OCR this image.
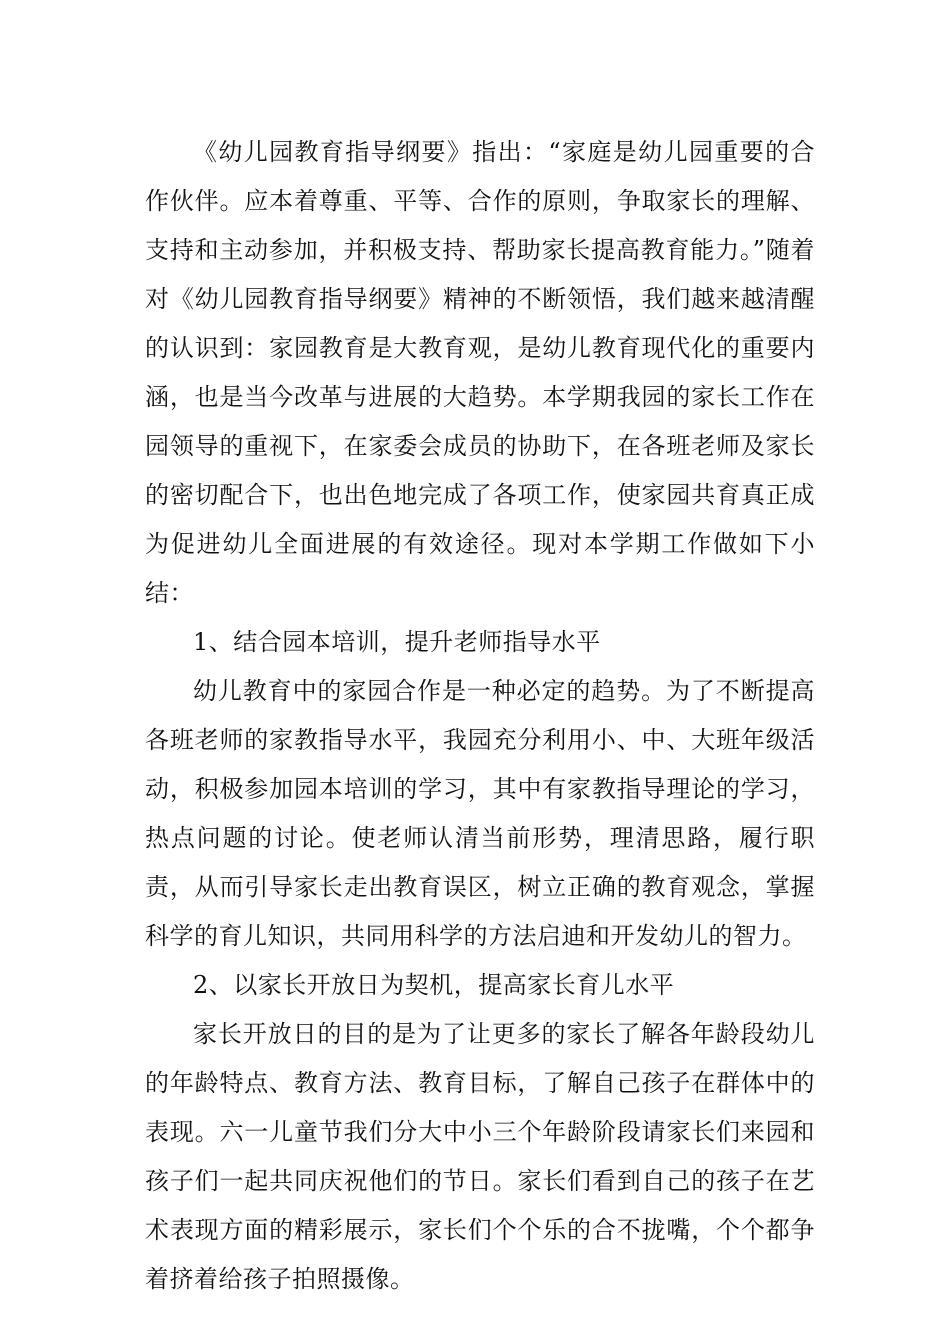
《幼儿园教育指导纲要》指出：“家庭是幼儿园重要的合作伙伴。应本着尊重、平等、合作的原则，争取家长的理解、支持和主动参加，并积极支持、帮助家长提高教育能力。”随着对《幼儿园教育指导纲要》精神的不断领悟，我们越来越清醒的认识到：家园教育是大教育观，是幼儿教育现代化的重要内涵，也是当今改革与进展的大趋势。本学期我园的家长工作在园领导的重视下，在家委会成员的协助下，在各班老师及家长的密切配合下，也出色地完成了各项工作，使家园共育真正成为促进幼儿全面进展的有效途径。现对本学期工作做如下小结：

1、结合园本培训，提升老师指导水平

幼儿教育中的家园合作是一种必定的趋势。为了不断提高各班老师的家教指导水平，我园充分利用小、中、大班年级活动，积极参加园本培训的学习，其中有家教指导理论的学习，热点问题的讨论。使老师认清当前形势，理清思路，履行职责，从而引导家长走出教育误区，树立正确的教育观念，掌握科学的育儿知识，共同用科学的方法启迪和开发幼儿的智力。

2、以家长开放日为契机，提高家长育儿水平

家长开放日的目的是为了让更多的家长了解各年龄段幼儿的年龄特点、教育方法、教育目标，了解自己孩子在群体中的表现。六一儿童节我们分大中小三个年龄阶段请家长们来园和孩子们一起共同庆祝他们的节日。家长们看到自己的孩子在艺术表现方面的精彩展示，家长们个个乐的合不拢嘴，个个都争着挤着给孩子拍照摄像。
